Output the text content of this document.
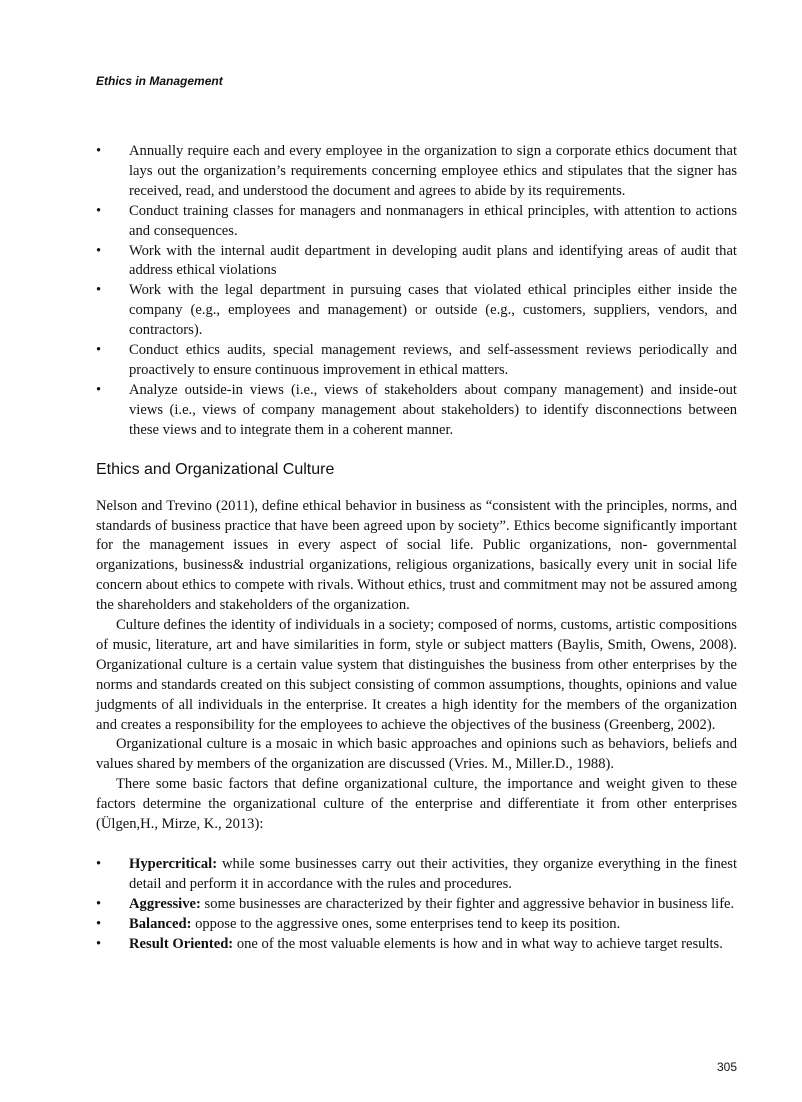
Ethics in Management
• Annually require each and every employee in the organization to sign a corporate ethics document that lays out the organization’s requirements concerning employee ethics and stipulates that the signer has received, read, and understood the document and agrees to abide by its requirements.
• Conduct training classes for managers and nonmanagers in ethical principles, with attention to actions and consequences.
• Work with the internal audit department in developing audit plans and identifying areas of audit that address ethical violations
• Work with the legal department in pursuing cases that violated ethical principles either inside the company (e.g., employees and management) or outside (e.g., customers, suppliers, vendors, and contractors).
• Conduct ethics audits, special management reviews, and self-assessment reviews periodically and proactively to ensure continuous improvement in ethical matters.
• Analyze outside-in views (i.e., views of stakeholders about company management) and inside-out views (i.e., views of company management about stakeholders) to identify disconnections between these views and to integrate them in a coherent manner.
Ethics and Organizational Culture

Nelson and Trevino (2011), define ethical behavior in business as “consistent with the principles, norms, and standards of business practice that have been agreed upon by society”. Ethics become significantly important for the management issues in every aspect of social life. Public organizations, non- governmental organizations, business& industrial organizations, religious organizations, basically every unit in social life concern about ethics to compete with rivals. Without ethics, trust and commitment may not be assured among the shareholders and stakeholders of the organization.

Culture defines the identity of individuals in a society; composed of norms, customs, artistic compositions of music, literature, art and have similarities in form, style or subject matters (Baylis, Smith, Owens, 2008). Organizational culture is a certain value system that distinguishes the business from other enterprises by the norms and standards created on this subject consisting of common assumptions, thoughts, opinions and value judgments of all individuals in the enterprise. It creates a high identity for the members of the organization and creates a responsibility for the employees to achieve the objectives of the business (Greenberg, 2002).

Organizational culture is a mosaic in which basic approaches and opinions such as behaviors, beliefs and values shared by members of the organization are discussed (Vries. M., Miller.D., 1988).

There some basic factors that define organizational culture, the importance and weight given to these factors determine the organizational culture of the enterprise and differentiate it from other enterprises (Ülgen,H., Mirze, K., 2013):

• Hypercritical: while some businesses carry out their activities, they organize everything in the finest detail and perform it in accordance with the rules and procedures.
• Aggressive: some businesses are characterized by their fighter and aggressive behavior in business life.
• Balanced: oppose to the aggressive ones, some enterprises tend to keep its position.
• Result Oriented: one of the most valuable elements is how and in what way to achieve target results.
305
